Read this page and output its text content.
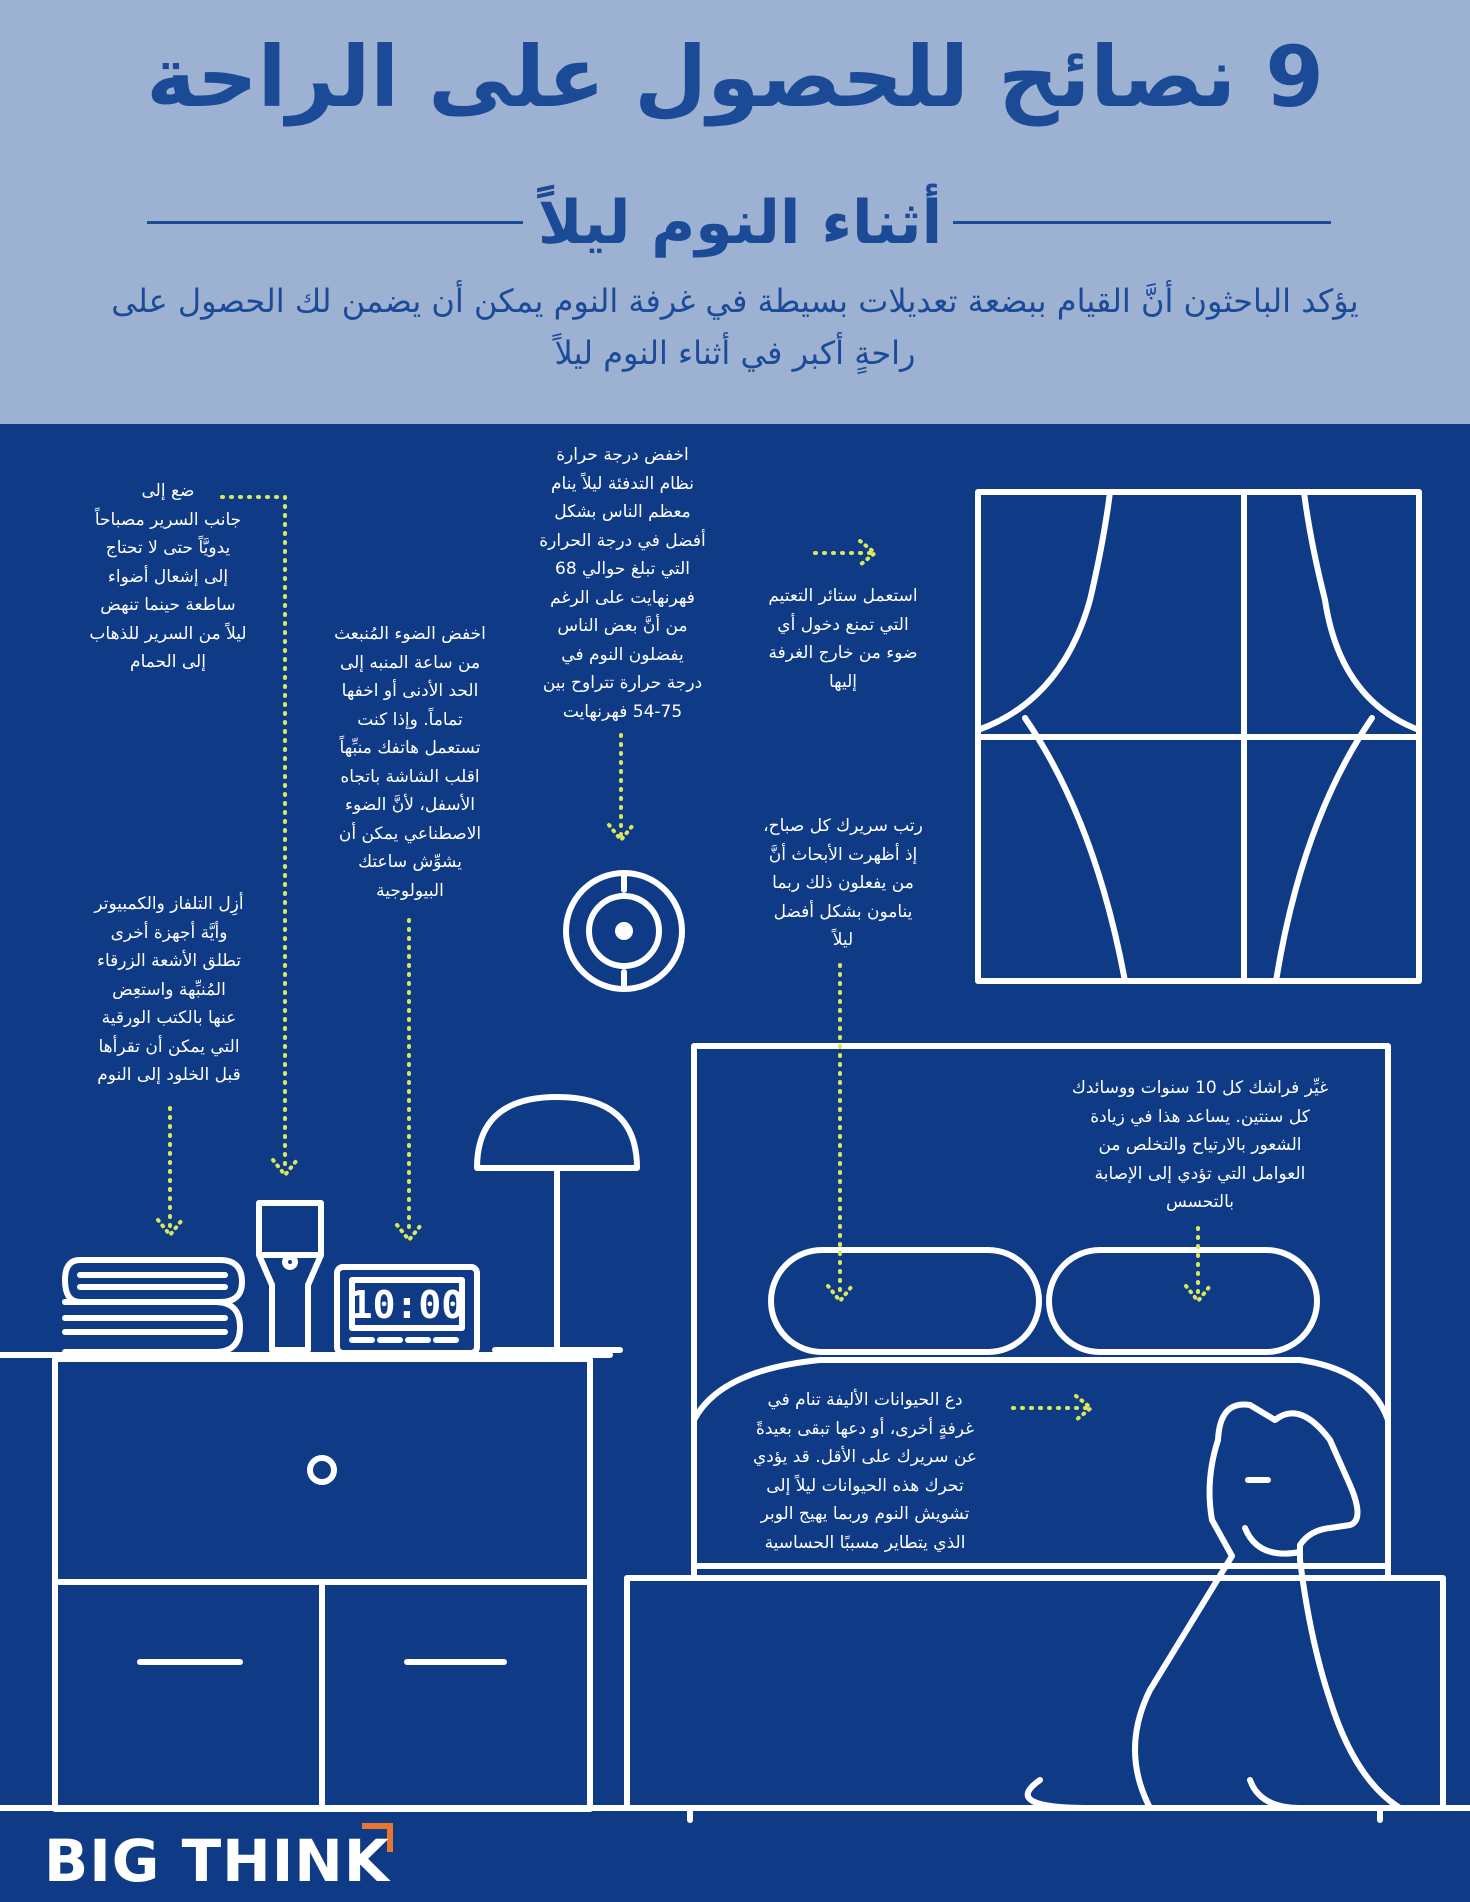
9 نصائح للحصول على الراحة
أثناء النوم ليلاً
يؤكد الباحثون أنَّ القيام ببضعة تعديلات بسيطة في غرفة النوم يمكن أن يضمن لك الحصول على راحةٍ أكبر في أثناء النوم ليلاً
10:00
ضع إلى
جانب السرير مصباحاً
يدويَّاً حتى لا تحتاج
إلى إشعال أضواء
ساطعة حينما تنهض
ليلاً من السرير للذهاب
إلى الحمام
اخفض الضوء المُنبعث
من ساعة المنبه إلى
الحد الأدنى أو اخفها
تماماً. وإذا كنت
تستعمل هاتفك منبِّهاً
اقلب الشاشة باتجاه
الأسفل، لأنَّ الضوء
الاصطناعي يمكن أن
يشوِّش ساعتك
البيولوجية
اخفض درجة حرارة
نظام التدفئة ليلاً ينام
معظم الناس بشكل
أفضل في درجة الحرارة
التي تبلغ حوالي 68
فهرنهايت على الرغم
من أنَّ بعض الناس
يفضلون النوم في
درجة حرارة تتراوح بين
54-75 فهرنهايت
استعمل ستائر التعتيم
التي تمنع دخول أي
ضوء من خارج الغرفة
إليها
رتب سريرك كل صباح،
إذ أظهرت الأبحاث أنَّ
من يفعلون ذلك ربما
ينامون بشكل أفضل
ليلاً
أزِل التلفاز والكمبيوتر
وأيَّة أجهزة أخرى
تطلق الأشعة الزرقاء
المُنبِّهة واستعِض
عنها بالكتب الورقية
التي يمكن أن تقرأها
قبل الخلود إلى النوم
غيِّر فراشك كل 10 سنوات ووسائدك
كل سنتين. يساعد هذا في زيادة
الشعور بالارتياح والتخلص من
العوامل التي تؤدي إلى الإصابة
بالتحسس
دع الحيوانات الأليفة تنام في
غرفةٍ أخرى، أو دعها تبقى بعيدةً
عن سريرك على الأقل. قد يؤدي
تحرك هذه الحيوانات ليلاً إلى
تشويش النوم وربما يهيج الوبر
الذي يتطاير مسببًا الحساسية
BIG THINK
